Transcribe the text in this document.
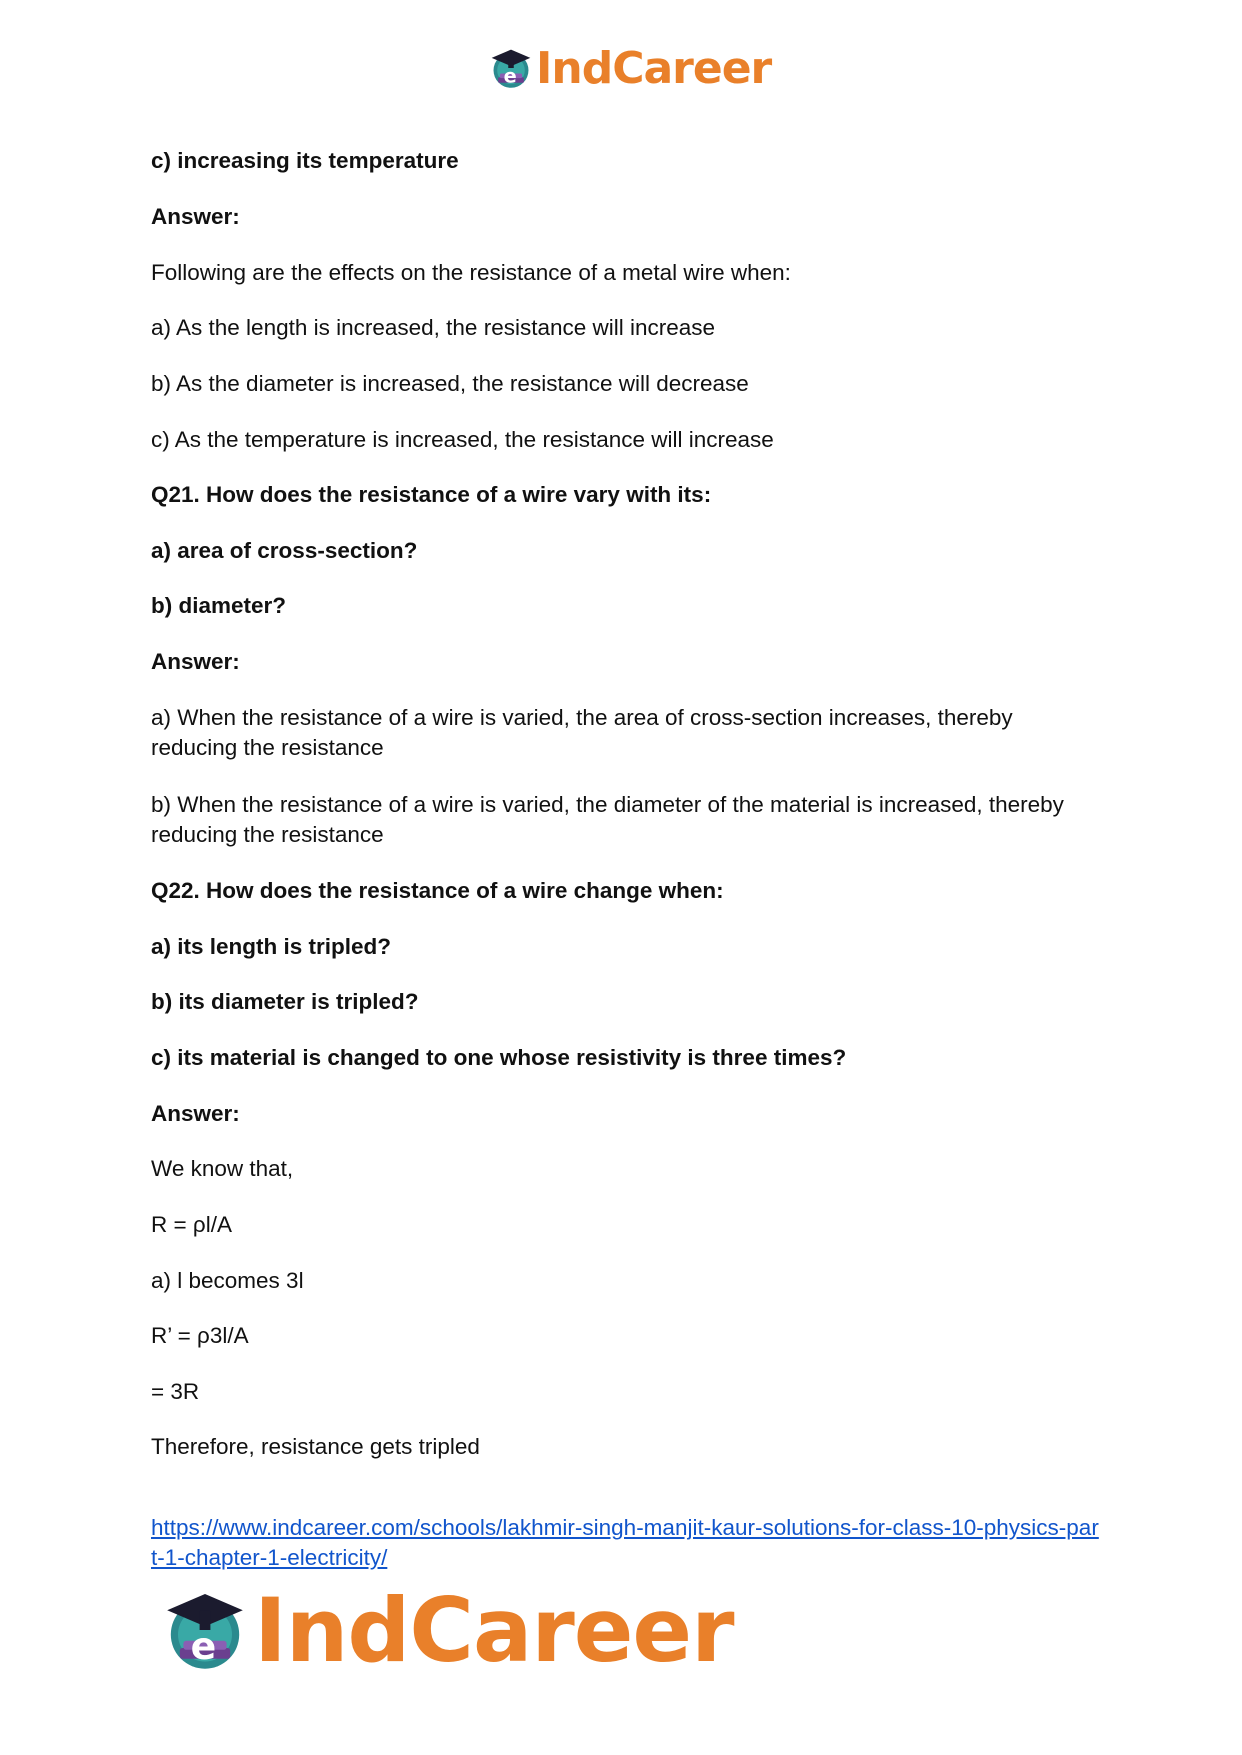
e IndCareer

c) increasing its temperature

Answer:

Following are the effects on the resistance of a metal wire when:

a) As the length is increased, the resistance will increase

b) As the diameter is increased, the resistance will decrease

c) As the temperature is increased, the resistance will increase

Q21. How does the resistance of a wire vary with its:

a) area of cross-section?

b) diameter?

Answer:

a) When the resistance of a wire is varied, the area of cross-section increases, thereby reducing the resistance

b) When the resistance of a wire is varied, the diameter of the material is increased, thereby reducing the resistance

Q22. How does the resistance of a wire change when:

a) its length is tripled?

b) its diameter is tripled?

c) its material is changed to one whose resistivity is three times?

Answer:

We know that,

R = ρl/A

a) l becomes 3l

R’ = ρ3l/A

= 3R

Therefore, resistance gets tripled

https://www.indcareer.com/schools/lakhmir-singh-manjit-kaur-solutions-for-class-10-physics-part-1-chapter-1-electricity/

e IndCareer
